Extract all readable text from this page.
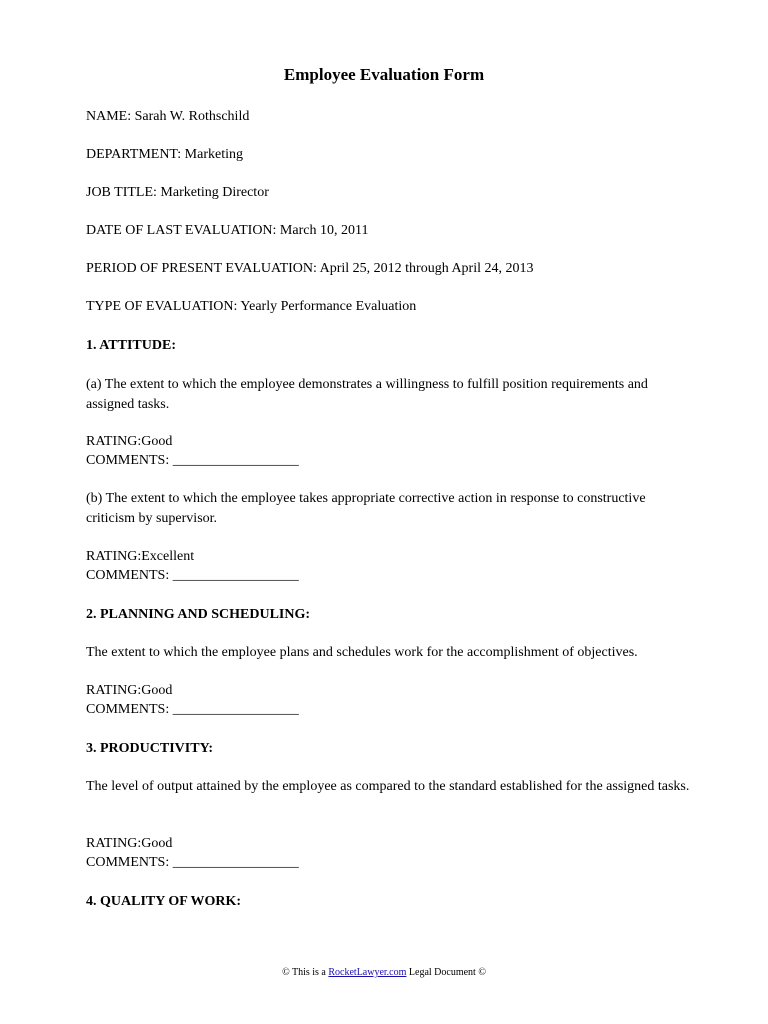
Employee Evaluation Form
NAME: Sarah W. Rothschild
DEPARTMENT: Marketing
JOB TITLE: Marketing Director
DATE OF LAST EVALUATION: March 10, 2011
PERIOD OF PRESENT EVALUATION: April 25, 2012 through April 24, 2013
TYPE OF EVALUATION: Yearly Performance Evaluation
1. ATTITUDE:
(a) The extent to which the employee demonstrates a willingness to fulfill position requirements and assigned tasks.
RATING:Good
COMMENTS: __________________
(b) The extent to which the employee takes appropriate corrective action in response to constructive criticism by supervisor.
RATING:Excellent
COMMENTS: __________________
2. PLANNING AND SCHEDULING:
The extent to which the employee plans and schedules work for the accomplishment of objectives.
RATING:Good
COMMENTS: __________________
3. PRODUCTIVITY:
The level of output attained by the employee as compared to the standard established for the assigned tasks.
RATING:Good
COMMENTS: __________________
4. QUALITY OF WORK:
© This is a RocketLawyer.com Legal Document ©
